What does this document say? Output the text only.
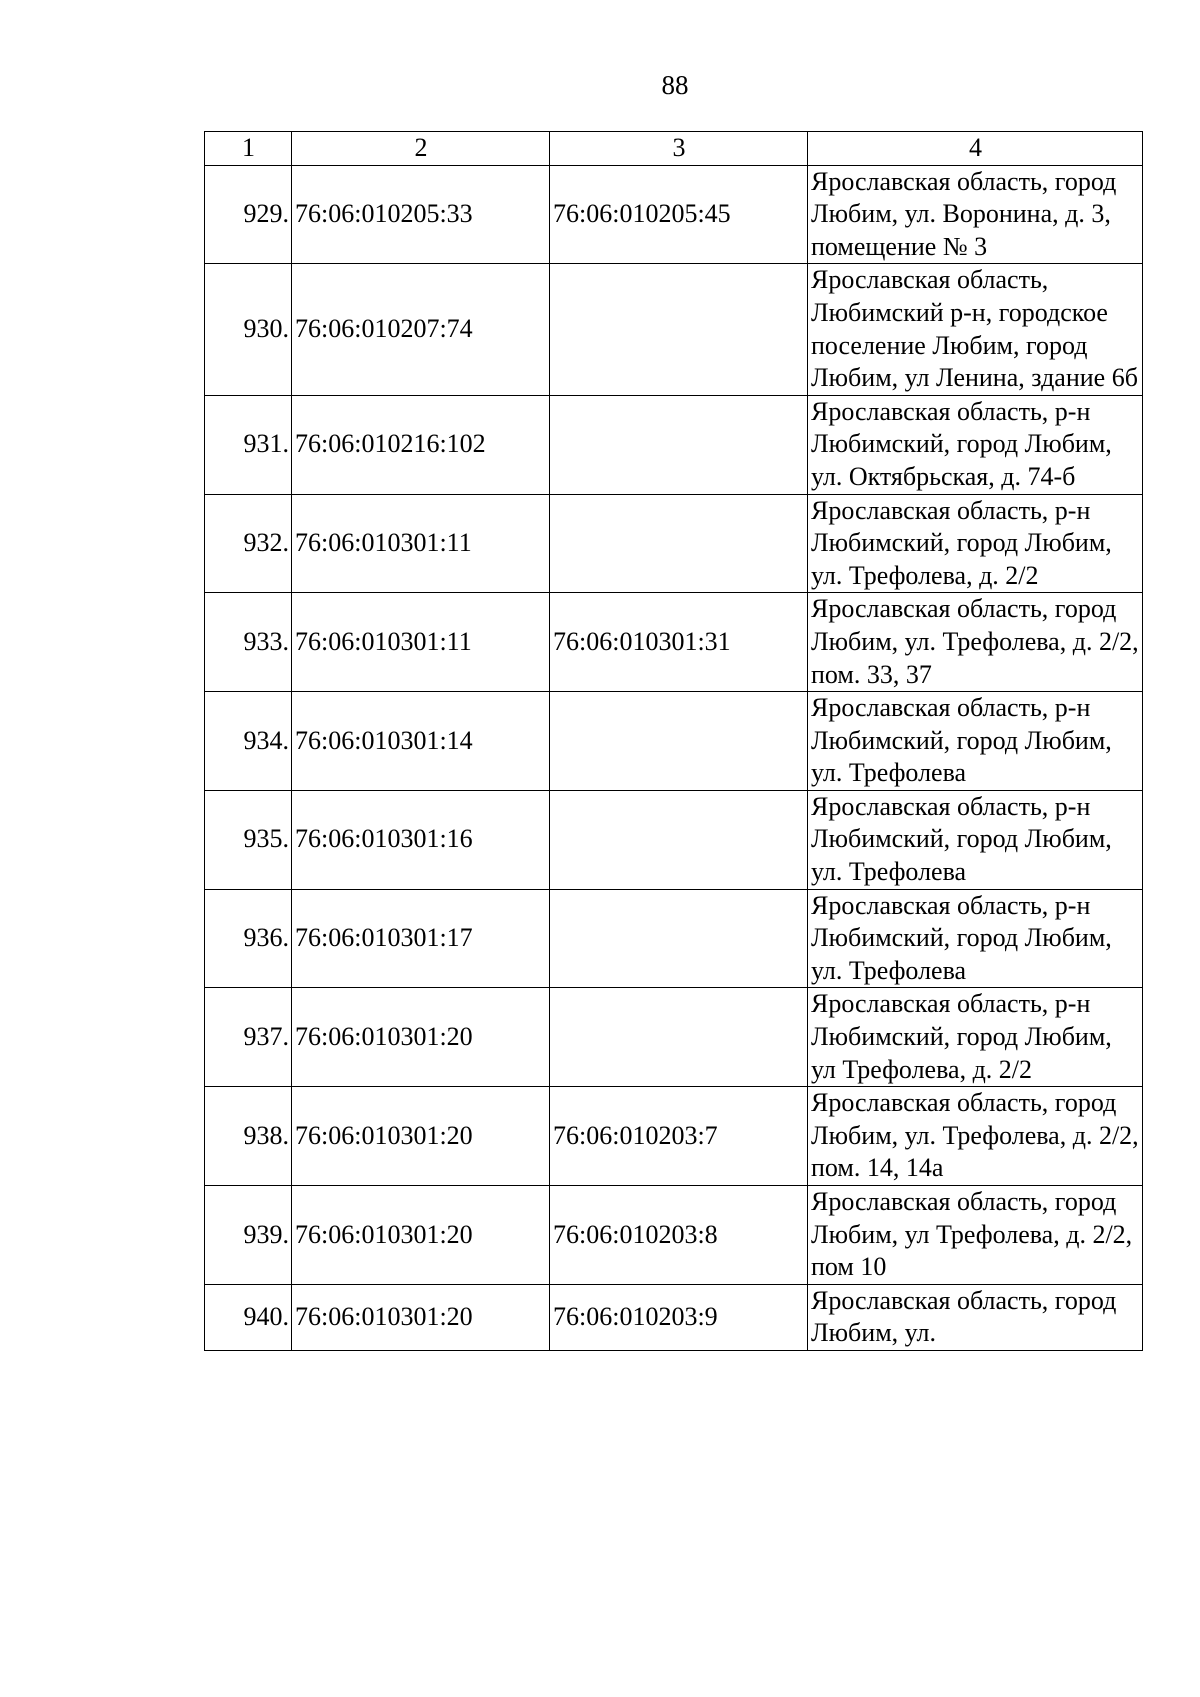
88
1	2	3	4
929.	76:06:010205:33	76:06:010205:45	Ярославская область, город Любим, ул. Воронина, д. 3, помещение № 3
930.	76:06:010207:74		Ярославская область, Любимский р-н, городское поселение Любим, город Любим, ул Ленина, здание 6б
931.	76:06:010216:102		Ярославская область, р-н Любимский, город Любим, ул. Октябрьская, д. 74-б
932.	76:06:010301:11		Ярославская область, р-н Любимский, город Любим, ул. Трефолева, д. 2/2
933.	76:06:010301:11	76:06:010301:31	Ярославская область, город Любим, ул. Трефолева, д. 2/2, пом. 33, 37
934.	76:06:010301:14		Ярославская область, р-н Любимский, город Любим, ул. Трефолева
935.	76:06:010301:16		Ярославская область, р-н Любимский, город Любим, ул. Трефолева
936.	76:06:010301:17		Ярославская область, р-н Любимский, город Любим, ул. Трефолева
937.	76:06:010301:20		Ярославская область, р-н Любимский, город Любим, ул Трефолева, д. 2/2
938.	76:06:010301:20	76:06:010203:7	Ярославская область, город Любим, ул. Трефолева, д. 2/2, пом. 14, 14а
939.	76:06:010301:20	76:06:010203:8	Ярославская область, город Любим, ул Трефолева, д. 2/2, пом 10
940.	76:06:010301:20	76:06:010203:9	Ярославская область, город Любим, ул.
